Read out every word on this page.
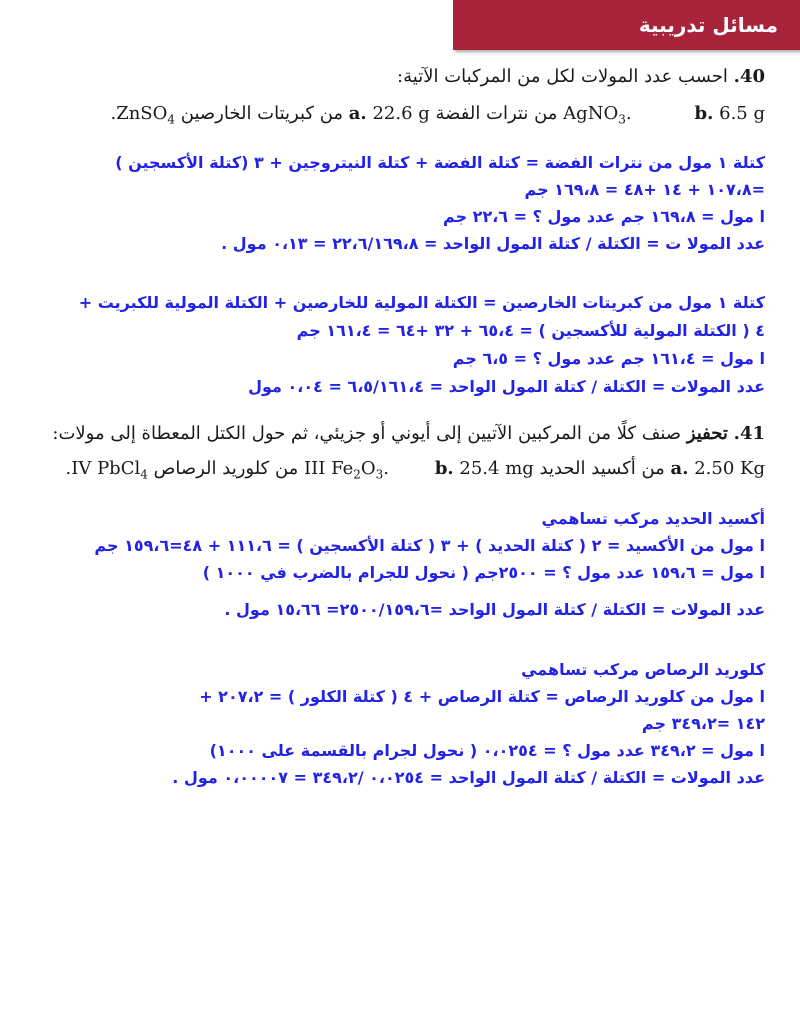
مسائل تدريبية
40. احسب عدد المولات لكل من المركبات الآتية:
a. 22.6 g من نترات الفضة AgNO$_3$.	b. 6.5 g من كبريتات الخارصين ZnSO$_4$.
كتلة ١ مول من نترات الفضة = كتلة الفضة + كتلة النيتروجين + ٣ (كتلة الأكسجين )
=١٠٧،٨ + ١٤ +٤٨ = ١٦٩،٨ جم
ا مول = ١٦٩،٨ جم عدد مول ؟ = ٢٢،٦ جم
عدد المولا ت = الكتلة / كتلة المول الواحد = ٢٢،٦/١٦٩،٨ = ٠،١٣ مول .
كتلة ١ مول من كبريتات الخارصين = الكتلة المولية للخارصين + الكتلة المولية للكبريت +
٤ ( الكتلة المولية للأكسجين ) = ٦٥،٤ + ٣٢ +٦٤ = ١٦١،٤ جم
ا مول = ١٦١،٤ جم عدد مول ؟ = ٦،٥ جم
عدد المولات = الكتلة / كتلة المول الواحد = ٦،٥/١٦١،٤ = ٠،٠٤ مول
41. تحفيز صنف كلًا من المركبين الآتيين إلى أيوني أو جزيئي، ثم حول الكتل المعطاة إلى مولات:
a. 2.50 Kg من أكسيد الحديد III $Fe_2O_3$.	b. 25.4 mg من كلوريد الرصاص IV PbCl$_4$.
أكسيد الحديد مركب تساهمي
ا مول من الأكسيد = ٢ ( كتلة الحديد ) + ٣ ( كتلة الأكسجين ) = ١١١،٦ + ٤٨=١٥٩،٦ جم
ا مول = ١٥٩،٦ عدد مول ؟ = ٢٥٠٠جم ( نحول للجرام بالضرب في ١٠٠٠ )
عدد المولات = الكتلة / كتلة المول الواحد =٢٥٠٠/١٥٩،٦= ١٥،٦٦ مول .
كلوريد الرصاص مركب تساهمي
ا مول من كلوريد الرصاص = كتلة الرصاص + ٤ ( كتلة الكلور ) = ٢٠٧،٢ +
١٤٢ =٣٤٩،٢ جم
ا مول = ٣٤٩،٢ عدد مول ؟ = ٠،٠٢٥٤ ( نحول لجرام بالقسمة على ١٠٠٠)
عدد المولات = الكتلة / كتلة المول الواحد = ٠،٠٢٥٤ /٣٤٩،٢ = ٠،٠٠٠٠٧ مول .
